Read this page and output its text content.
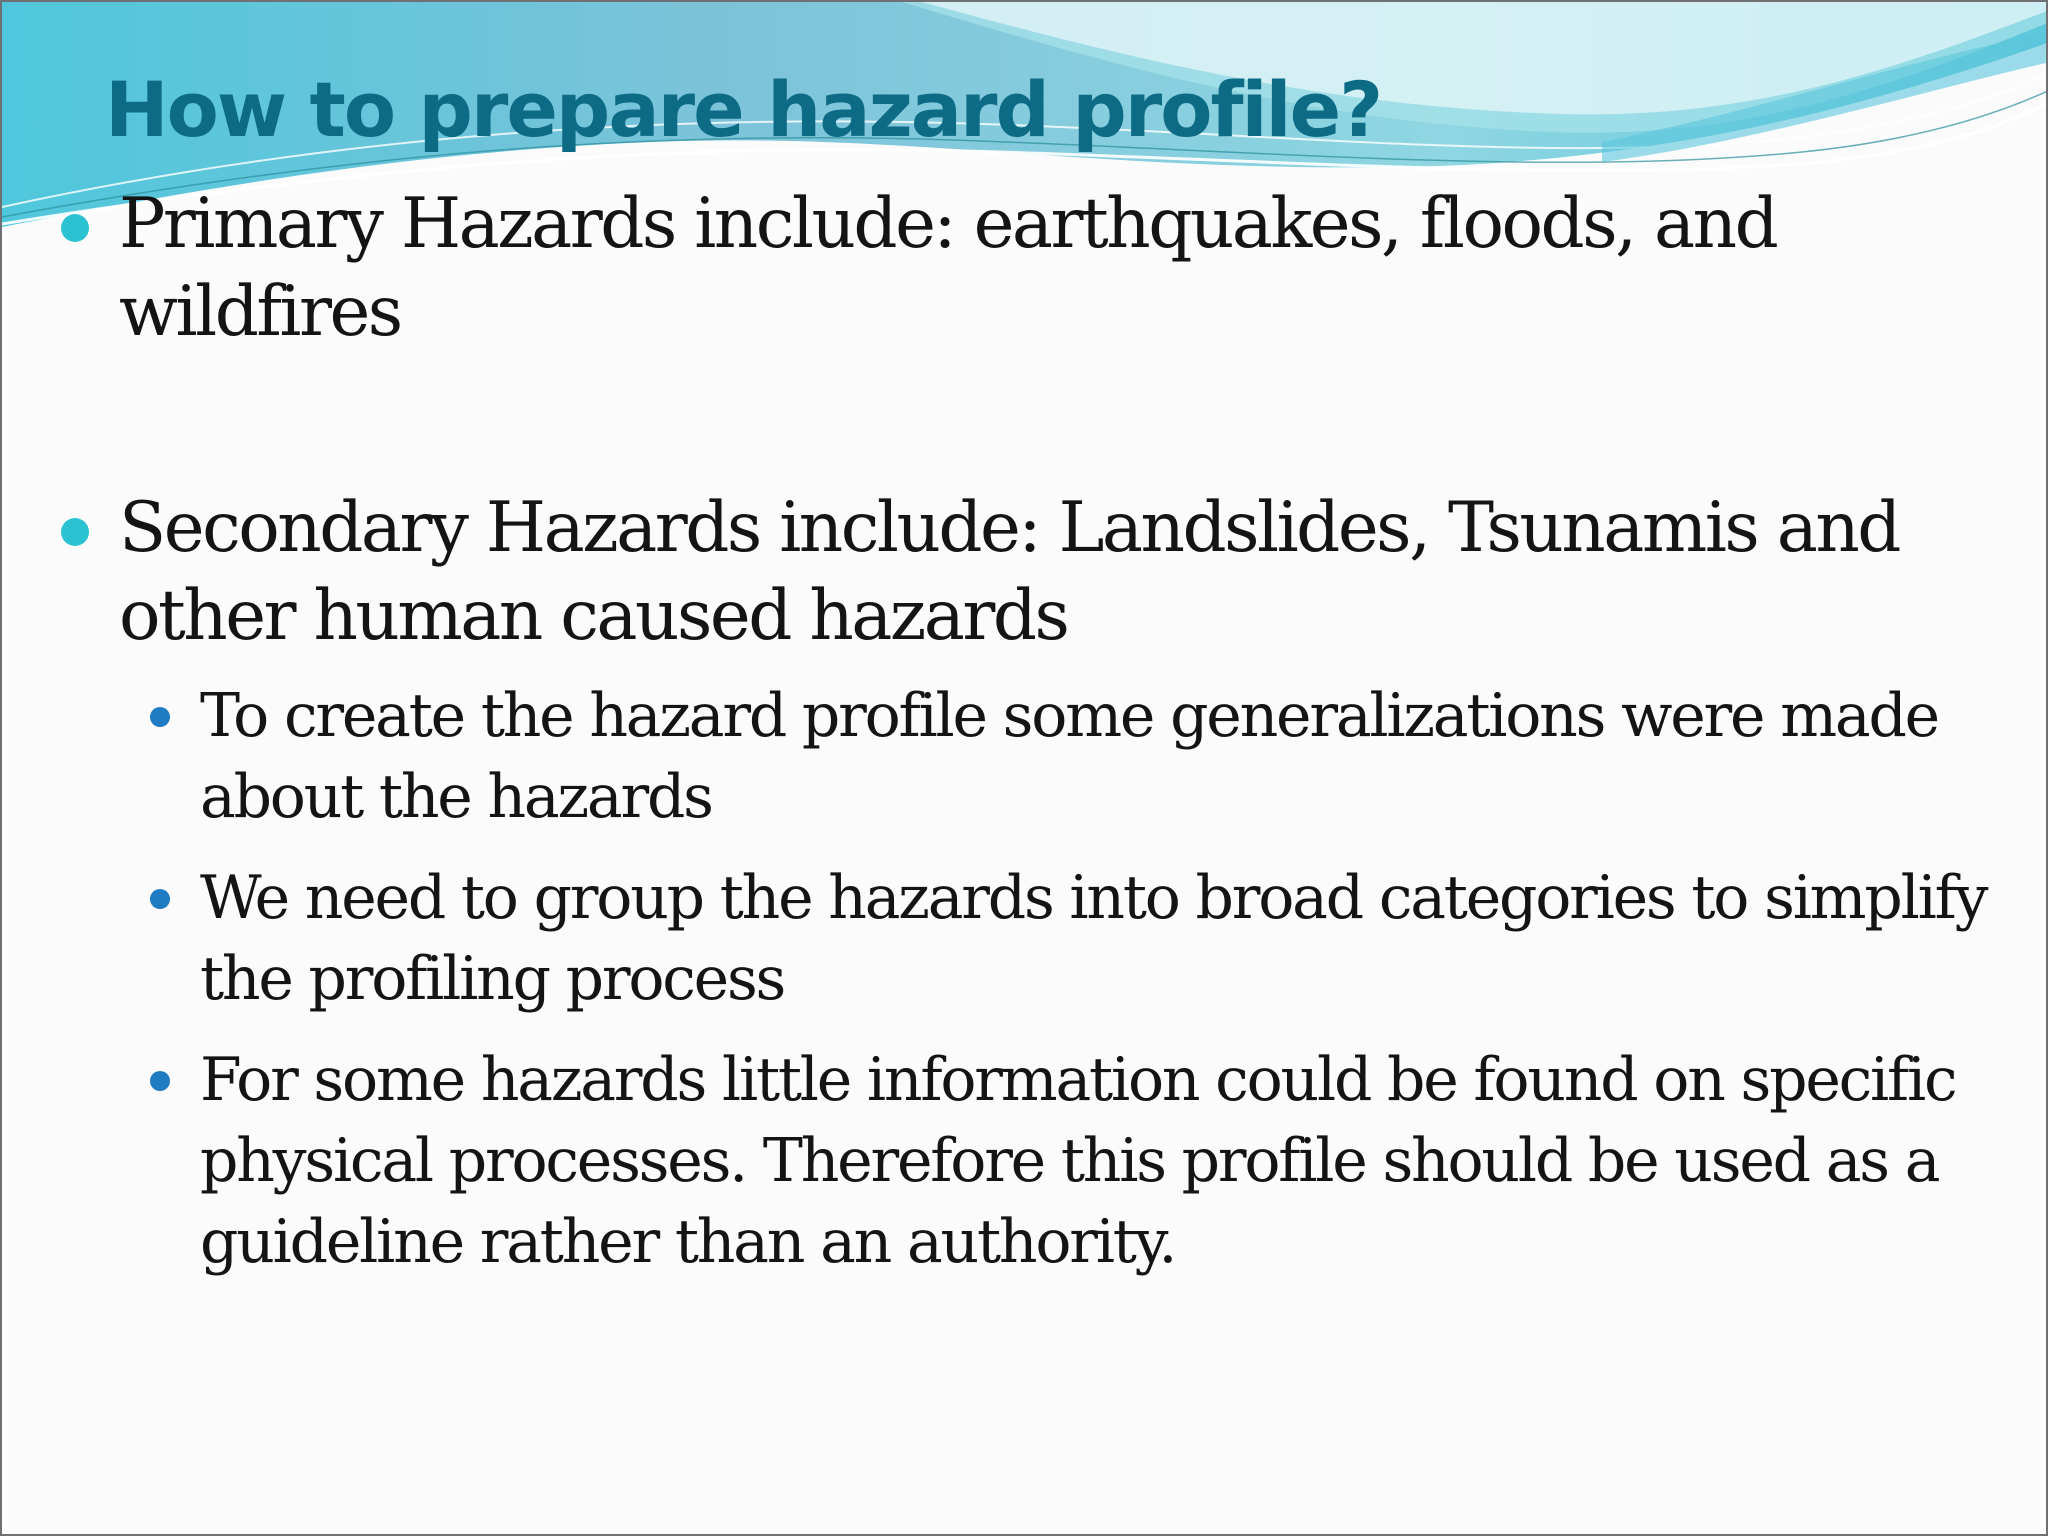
How to prepare hazard profile?
Primary Hazards include: earthquakes, floods, and wildfires
Secondary Hazards include: Landslides, Tsunamis and other human caused hazards
To create the hazard profile some generalizations were made about the hazards
We need to group the hazards into broad categories to simplify the profiling process
For some hazards little information could be found on specific physical processes. Therefore this profile should be used as a guideline rather than an authority.
